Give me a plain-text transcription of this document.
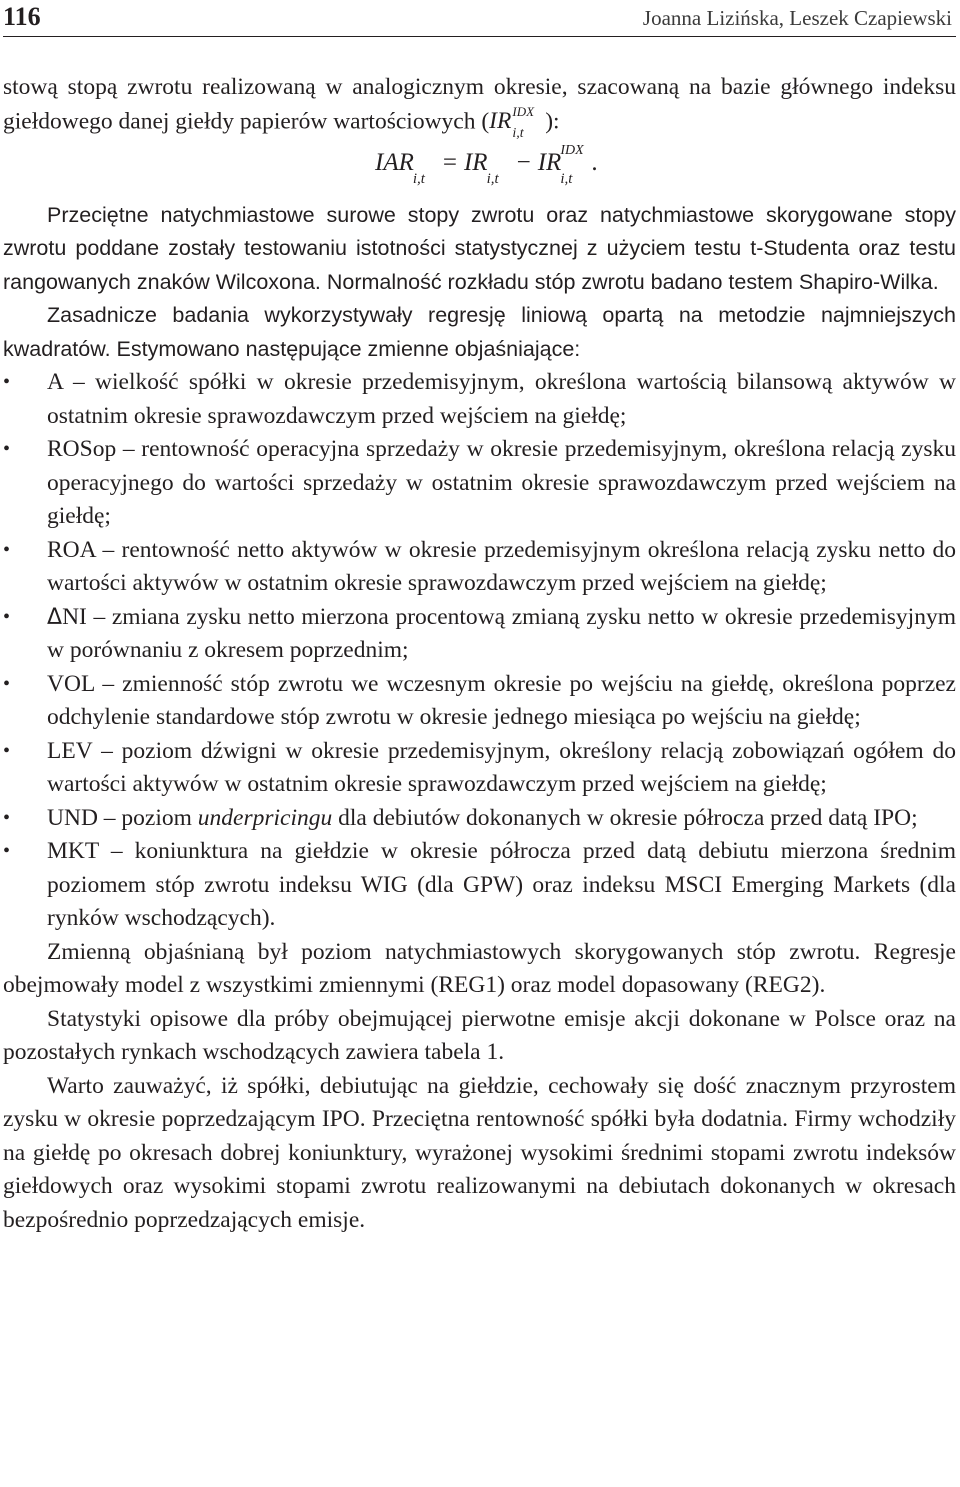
116	Joanna Lizińska, Leszek Czapiewski

stową stopą zwrotu realizowaną w analogicznym okresie, szacowaną na bazie głównego indeksu giełdowego danej giełdy papierów wartościowych (IR IDX
i,t ):

IAR
i,t
= IR
i,t
− IR IDX
i,t
.

Przeciętne natychmiastowe surowe stopy zwrotu oraz natychmiastowe skorygowane stopy zwrotu poddane zostały testowaniu istotności statystycznej z użyciem testu t-Studenta oraz testu rangowanych znaków Wilcoxona. Normalność rozkładu stóp zwrotu badano testem Shapiro-Wilka.

Zasadnicze badania wykorzystywały regresję liniową opartą na metodzie najmniejszych kwadratów. Estymowano następujące zmienne objaśniające:

• A – wielkość spółki w okresie przedemisyjnym, określona wartością bilansową aktywów w ostatnim okresie sprawozdawczym przed wejściem na giełdę;
• ROSop – rentowność operacyjna sprzedaży w okresie przedemisyjnym, określona relacją zysku operacyjnego do wartości sprzedaży w ostatnim okresie sprawozdawczym przed wejściem na giełdę;
• ROA – rentowność netto aktywów w okresie przedemisyjnym określona relacją zysku netto do wartości aktywów w ostatnim okresie sprawozdawczym przed wejściem na giełdę;
• ΔNI – zmiana zysku netto mierzona procentową zmianą zysku netto w okresie przedemisyjnym w porównaniu z okresem poprzednim;
• VOL – zmienność stóp zwrotu we wczesnym okresie po wejściu na giełdę, określona poprzez odchylenie standardowe stóp zwrotu w okresie jednego miesiąca po wejściu na giełdę;
• LEV – poziom dźwigni w okresie przedemisyjnym, określony relacją zobowiązań ogółem do wartości aktywów w ostatnim okresie sprawozdawczym przed wejściem na giełdę;
• UND – poziom underpricingu dla debiutów dokonanych w okresie półrocza przed datą IPO;
• MKT – koniunktura na giełdzie w okresie półrocza przed datą debiutu mierzona średnim poziomem stóp zwrotu indeksu WIG (dla GPW) oraz indeksu MSCI Emerging Markets (dla rynków wschodzących).

Zmienną objaśnianą był poziom natychmiastowych skorygowanych stóp zwrotu. Regresje obejmowały model z wszystkimi zmiennymi (REG1) oraz model dopasowany (REG2).

Statystyki opisowe dla próby obejmującej pierwotne emisje akcji dokonane w Polsce oraz na pozostałych rynkach wschodzących zawiera tabela 1.

Warto zauważyć, iż spółki, debiutując na giełdzie, cechowały się dość znacznym przyrostem zysku w okresie poprzedzającym IPO. Przeciętna rentowność spółki była dodatnia. Firmy wchodziły na giełdę po okresach dobrej koniunktury, wyrażonej wysokimi średnimi stopami zwrotu indeksów giełdowych oraz wysokimi stopami zwrotu realizowanymi na debiutach dokonanych w okresach bezpośrednio poprzedzających emisje.
